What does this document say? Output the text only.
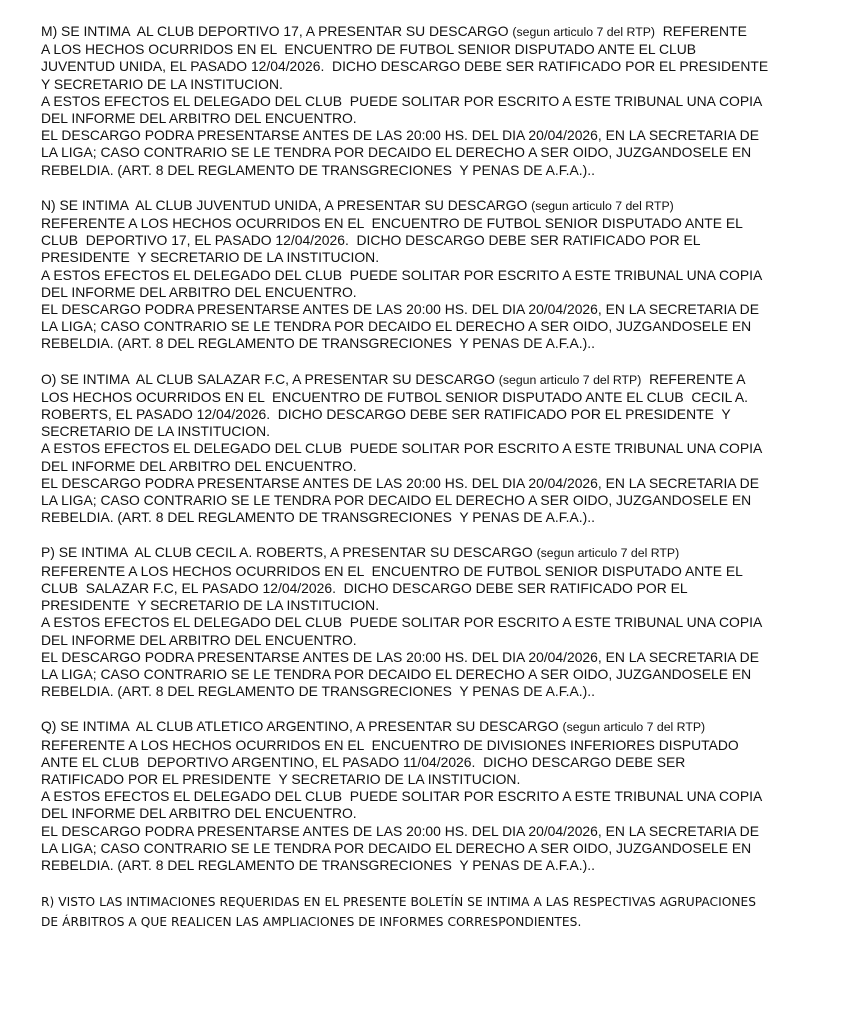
M) SE INTIMA  AL CLUB DEPORTIVO 17, A PRESENTAR SU DESCARGO (segun articulo 7 del RTP)  REFERENTE
A LOS HECHOS OCURRIDOS EN EL  ENCUENTRO DE FUTBOL SENIOR DISPUTADO ANTE EL CLUB
JUVENTUD UNIDA, EL PASADO 12/04/2026.  DICHO DESCARGO DEBE SER RATIFICADO POR EL PRESIDENTE
Y SECRETARIO DE LA INSTITUCION.
A ESTOS EFECTOS EL DELEGADO DEL CLUB  PUEDE SOLITAR POR ESCRITO A ESTE TRIBUNAL UNA COPIA
DEL INFORME DEL ARBITRO DEL ENCUENTRO.
EL DESCARGO PODRA PRESENTARSE ANTES DE LAS 20:00 HS. DEL DIA 20/04/2026, EN LA SECRETARIA DE
LA LIGA; CASO CONTRARIO SE LE TENDRA POR DECAIDO EL DERECHO A SER OIDO, JUZGANDOSELE EN
REBELDIA. (ART. 8 DEL REGLAMENTO DE TRANSGRECIONES  Y PENAS DE A.F.A.)..
N) SE INTIMA  AL CLUB JUVENTUD UNIDA, A PRESENTAR SU DESCARGO (segun articulo 7 del RTP)
REFERENTE A LOS HECHOS OCURRIDOS EN EL  ENCUENTRO DE FUTBOL SENIOR DISPUTADO ANTE EL
CLUB  DEPORTIVO 17, EL PASADO 12/04/2026.  DICHO DESCARGO DEBE SER RATIFICADO POR EL
PRESIDENTE  Y SECRETARIO DE LA INSTITUCION.
A ESTOS EFECTOS EL DELEGADO DEL CLUB  PUEDE SOLITAR POR ESCRITO A ESTE TRIBUNAL UNA COPIA
DEL INFORME DEL ARBITRO DEL ENCUENTRO.
EL DESCARGO PODRA PRESENTARSE ANTES DE LAS 20:00 HS. DEL DIA 20/04/2026, EN LA SECRETARIA DE
LA LIGA; CASO CONTRARIO SE LE TENDRA POR DECAIDO EL DERECHO A SER OIDO, JUZGANDOSELE EN
REBELDIA. (ART. 8 DEL REGLAMENTO DE TRANSGRECIONES  Y PENAS DE A.F.A.)..
O) SE INTIMA  AL CLUB SALAZAR F.C, A PRESENTAR SU DESCARGO (segun articulo 7 del RTP)  REFERENTE A
LOS HECHOS OCURRIDOS EN EL  ENCUENTRO DE FUTBOL SENIOR DISPUTADO ANTE EL CLUB  CECIL A.
ROBERTS, EL PASADO 12/04/2026.  DICHO DESCARGO DEBE SER RATIFICADO POR EL PRESIDENTE  Y
SECRETARIO DE LA INSTITUCION.
A ESTOS EFECTOS EL DELEGADO DEL CLUB  PUEDE SOLITAR POR ESCRITO A ESTE TRIBUNAL UNA COPIA
DEL INFORME DEL ARBITRO DEL ENCUENTRO.
EL DESCARGO PODRA PRESENTARSE ANTES DE LAS 20:00 HS. DEL DIA 20/04/2026, EN LA SECRETARIA DE
LA LIGA; CASO CONTRARIO SE LE TENDRA POR DECAIDO EL DERECHO A SER OIDO, JUZGANDOSELE EN
REBELDIA. (ART. 8 DEL REGLAMENTO DE TRANSGRECIONES  Y PENAS DE A.F.A.)..
P) SE INTIMA  AL CLUB CECIL A. ROBERTS, A PRESENTAR SU DESCARGO (segun articulo 7 del RTP)
REFERENTE A LOS HECHOS OCURRIDOS EN EL  ENCUENTRO DE FUTBOL SENIOR DISPUTADO ANTE EL
CLUB  SALAZAR F.C, EL PASADO 12/04/2026.  DICHO DESCARGO DEBE SER RATIFICADO POR EL
PRESIDENTE  Y SECRETARIO DE LA INSTITUCION.
A ESTOS EFECTOS EL DELEGADO DEL CLUB  PUEDE SOLITAR POR ESCRITO A ESTE TRIBUNAL UNA COPIA
DEL INFORME DEL ARBITRO DEL ENCUENTRO.
EL DESCARGO PODRA PRESENTARSE ANTES DE LAS 20:00 HS. DEL DIA 20/04/2026, EN LA SECRETARIA DE
LA LIGA; CASO CONTRARIO SE LE TENDRA POR DECAIDO EL DERECHO A SER OIDO, JUZGANDOSELE EN
REBELDIA. (ART. 8 DEL REGLAMENTO DE TRANSGRECIONES  Y PENAS DE A.F.A.)..
Q) SE INTIMA  AL CLUB ATLETICO ARGENTINO, A PRESENTAR SU DESCARGO (segun articulo 7 del RTP)
REFERENTE A LOS HECHOS OCURRIDOS EN EL  ENCUENTRO DE DIVISIONES INFERIORES DISPUTADO
ANTE EL CLUB  DEPORTIVO ARGENTINO, EL PASADO 11/04/2026.  DICHO DESCARGO DEBE SER
RATIFICADO POR EL PRESIDENTE  Y SECRETARIO DE LA INSTITUCION.
A ESTOS EFECTOS EL DELEGADO DEL CLUB  PUEDE SOLITAR POR ESCRITO A ESTE TRIBUNAL UNA COPIA
DEL INFORME DEL ARBITRO DEL ENCUENTRO.
EL DESCARGO PODRA PRESENTARSE ANTES DE LAS 20:00 HS. DEL DIA 20/04/2026, EN LA SECRETARIA DE
LA LIGA; CASO CONTRARIO SE LE TENDRA POR DECAIDO EL DERECHO A SER OIDO, JUZGANDOSELE EN
REBELDIA. (ART. 8 DEL REGLAMENTO DE TRANSGRECIONES  Y PENAS DE A.F.A.)..
R) VISTO LAS INTIMACIONES REQUERIDAS EN EL PRESENTE BOLETÍN SE INTIMA A LAS RESPECTIVAS AGRUPACIONES
DE ÁRBITROS A QUE REALICEN LAS AMPLIACIONES DE INFORMES CORRESPONDIENTES.
